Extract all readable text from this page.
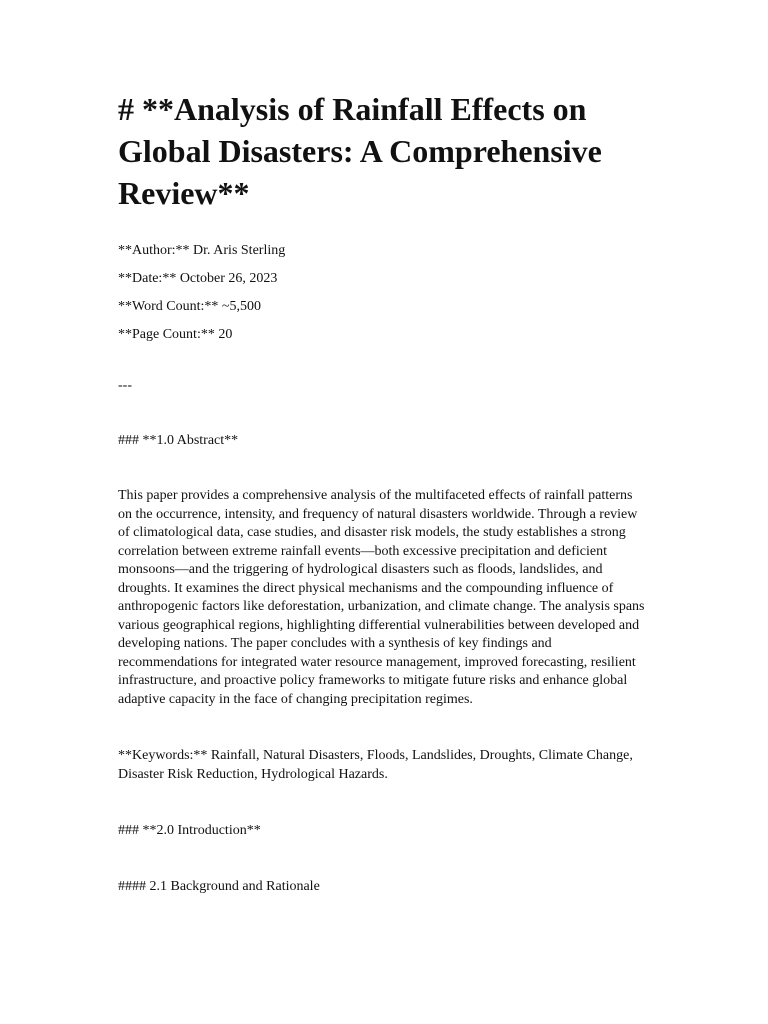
# **Analysis of Rainfall Effects on Global Disasters: A Comprehensive Review**

**Author:** Dr. Aris Sterling

**Date:** October 26, 2023

**Word Count:** ~5,500

**Page Count:** 20

---

### **1.0 Abstract**

This paper provides a comprehensive analysis of the multifaceted effects of rainfall patterns on the occurrence, intensity, and frequency of natural disasters worldwide. Through a review of climatological data, case studies, and disaster risk models, the study establishes a strong correlation between extreme rainfall events—both excessive precipitation and deficient monsoons—and the triggering of hydrological disasters such as floods, landslides, and droughts. It examines the direct physical mechanisms and the compounding influence of anthropogenic factors like deforestation, urbanization, and climate change. The analysis spans various geographical regions, highlighting differential vulnerabilities between developed and developing nations. The paper concludes with a synthesis of key findings and recommendations for integrated water resource management, improved forecasting, resilient infrastructure, and proactive policy frameworks to mitigate future risks and enhance global adaptive capacity in the face of changing precipitation regimes.

**Keywords:** Rainfall, Natural Disasters, Floods, Landslides, Droughts, Climate Change, Disaster Risk Reduction, Hydrological Hazards.

### **2.0 Introduction**

#### 2.1 Background and Rationale
